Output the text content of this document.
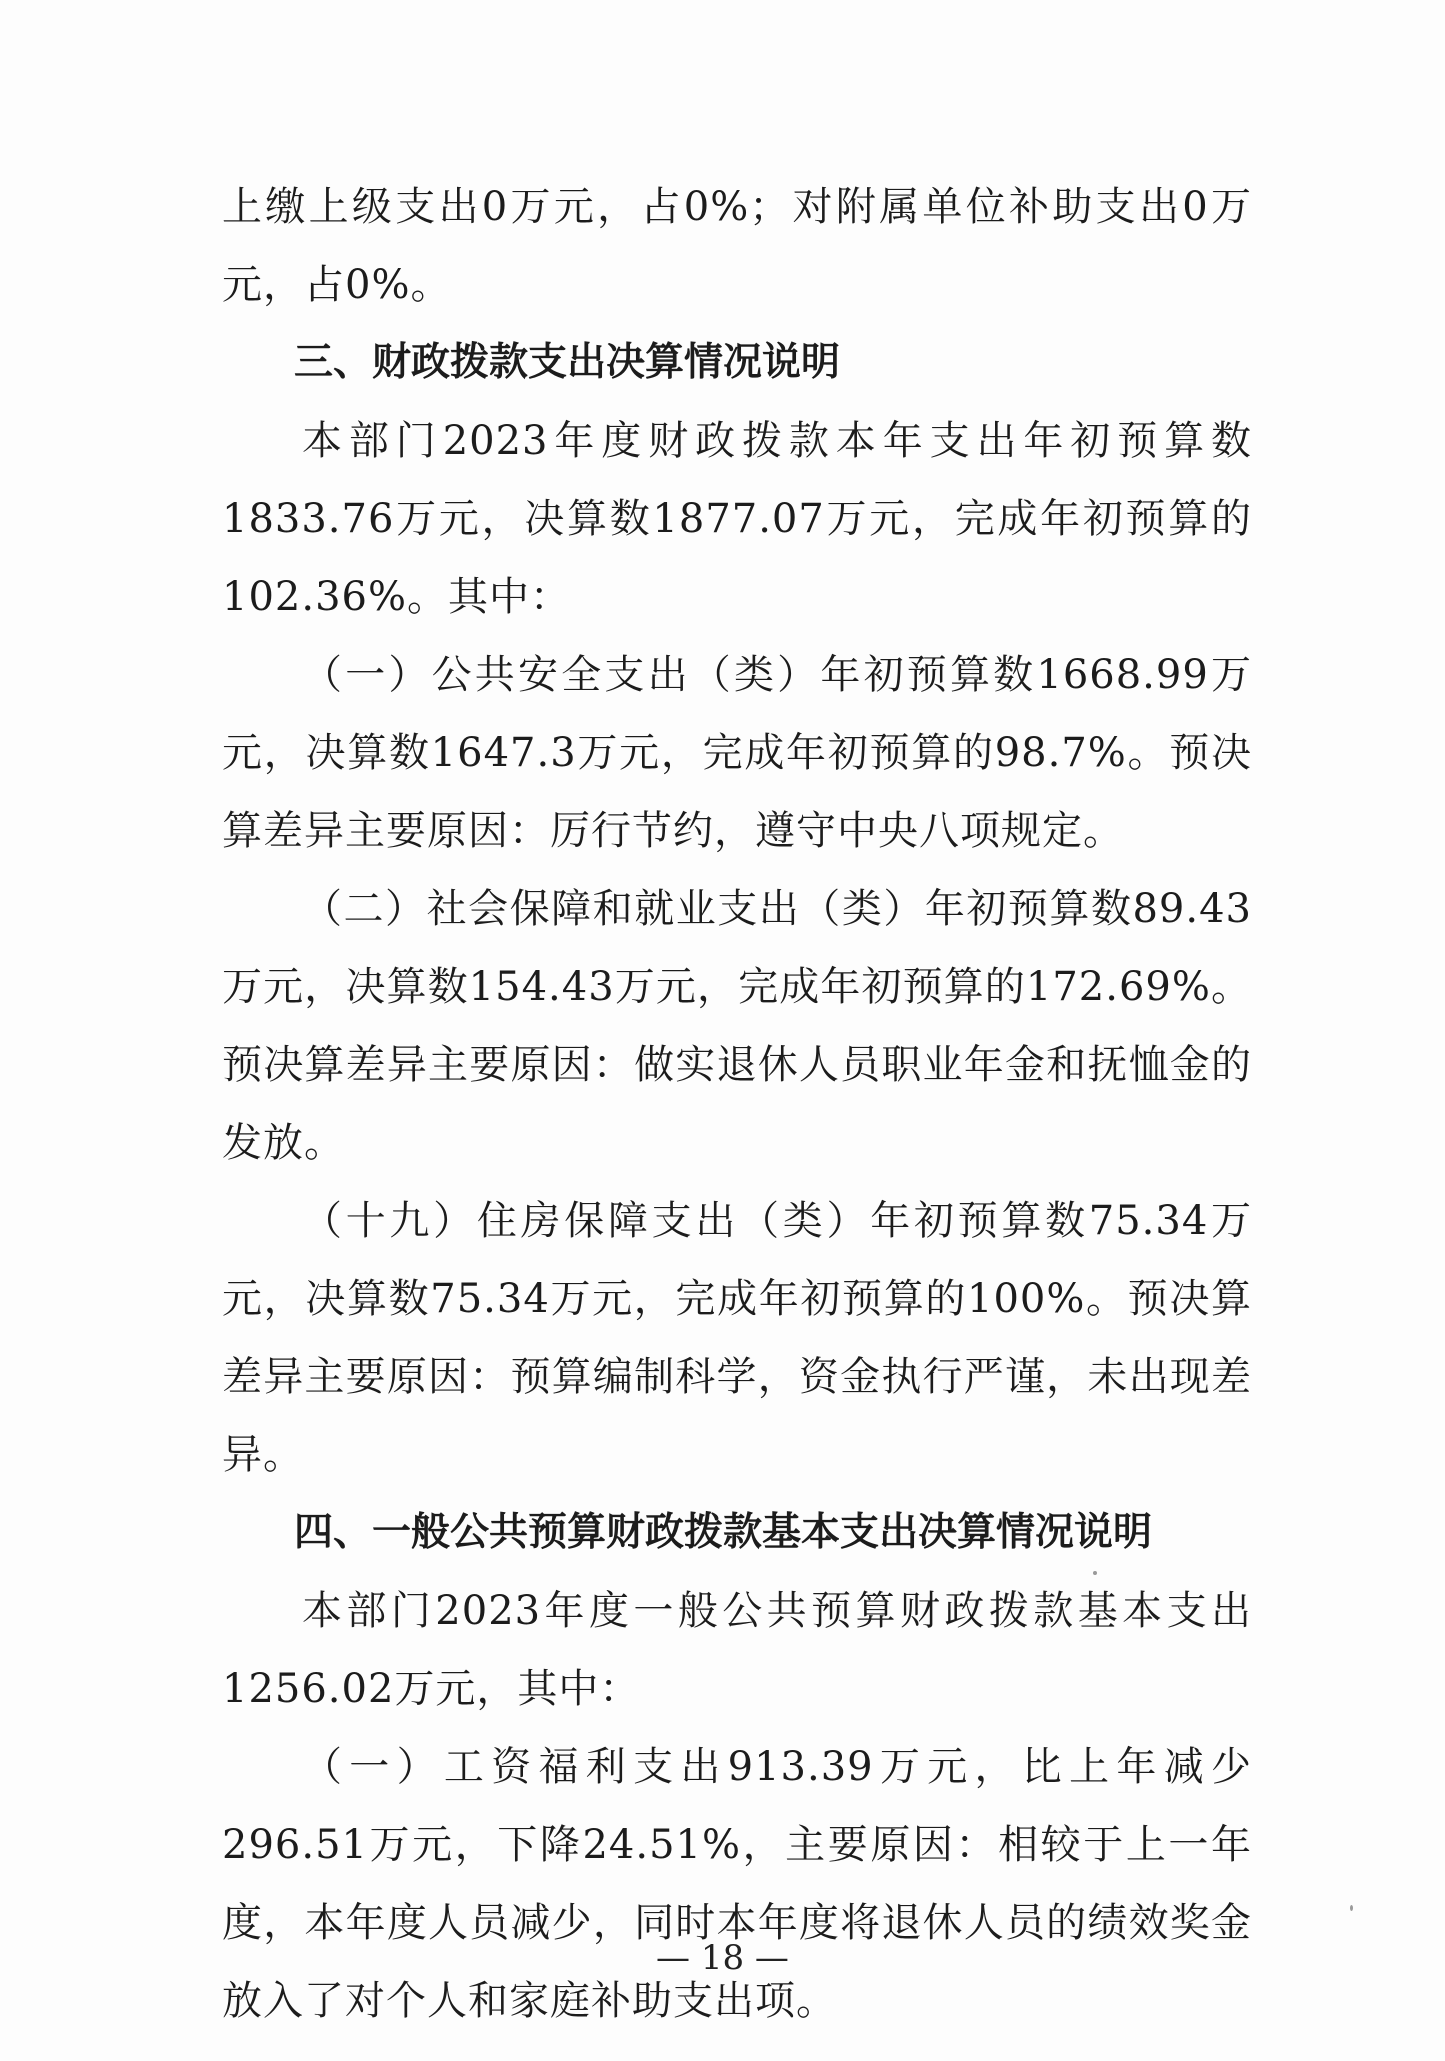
上缴上级支出0万元，占0%；对附属单位补助支出0万元，占0%。

三、财政拨款支出决算情况说明

本部门2023年度财政拨款本年支出年初预算数1833.76万元，决算数1877.07万元，完成年初预算的102.36%。其中：

（一）公共安全支出（类）年初预算数1668.99万元，决算数1647.3万元，完成年初预算的98.7%。预决算差异主要原因：厉行节约，遵守中央八项规定。

（二）社会保障和就业支出（类）年初预算数89.43万元，决算数154.43万元，完成年初预算的172.69%。预决算差异主要原因：做实退休人员职业年金和抚恤金的发放。

（十九）住房保障支出（类）年初预算数75.34万元，决算数75.34万元，完成年初预算的100%。预决算差异主要原因：预算编制科学，资金执行严谨，未出现差异。

四、一般公共预算财政拨款基本支出决算情况说明

本部门2023年度一般公共预算财政拨款基本支出1256.02万元，其中：

（一）工资福利支出913.39万元，比上年减少296.51万元，下降24.51%，主要原因：相较于上一年度，本年度人员减少，同时本年度将退休人员的绩效奖金放入了对个人和家庭补助支出项。

— 18 —
